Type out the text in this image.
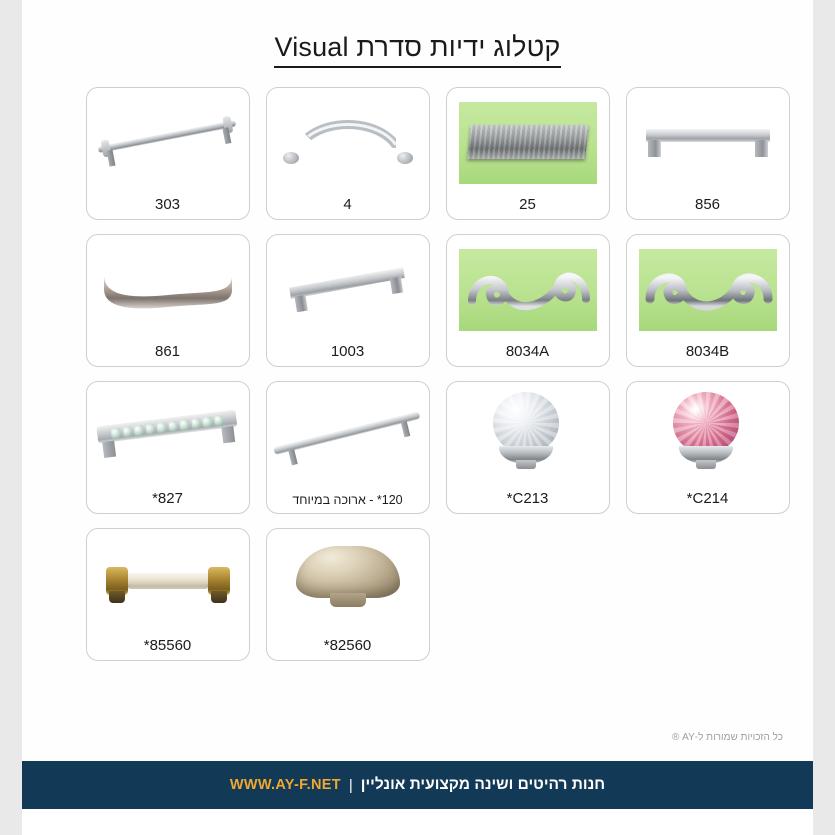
קטלוג ידיות סדרת Visual
856
25
4
303
8034B
8034A
1003
861
C214*
C213*
120* - ארוכה במיוחד
827*
82560*
85560*
כל הזכויות שמורות ל-AY ®
חנות רהיטים ושינה מקצועית אונליין
|
WWW.AY-F.NET
